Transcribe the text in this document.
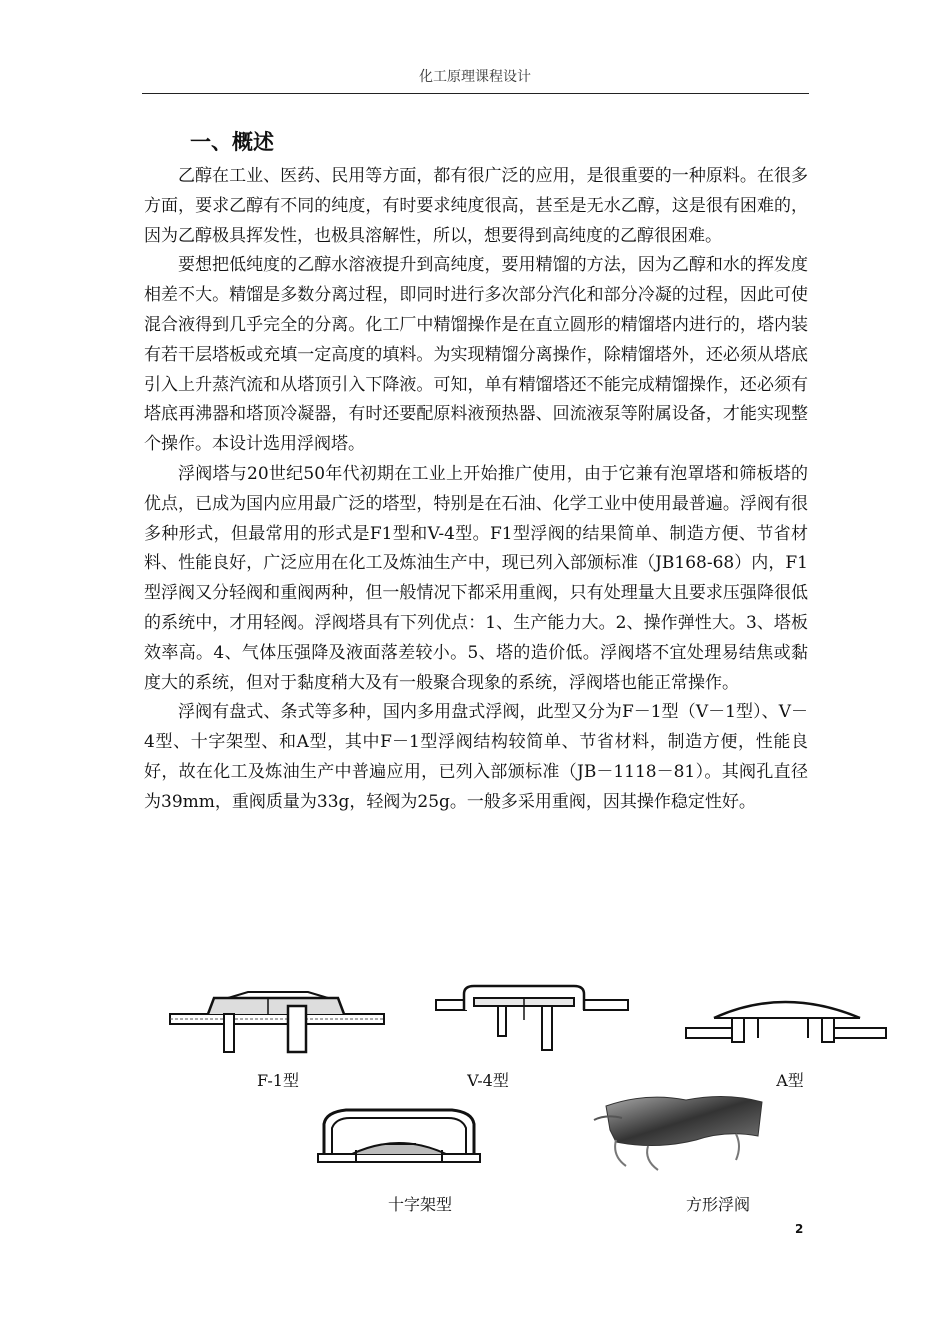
化工原理课程设计
一、概述

乙醇在工业、医药、民用等方面，都有很广泛的应用，是很重要的一种原料。在很多方面，要求乙醇有不同的纯度，有时要求纯度很高，甚至是无水乙醇，这是很有困难的，因为乙醇极具挥发性，也极具溶解性，所以，想要得到高纯度的乙醇很困难。

要想把低纯度的乙醇水溶液提升到高纯度，要用精馏的方法，因为乙醇和水的挥发度相差不大。精馏是多数分离过程，即同时进行多次部分汽化和部分冷凝的过程，因此可使混合液得到几乎完全的分离。化工厂中精馏操作是在直立圆形的精馏塔内进行的，塔内装有若干层塔板或充填一定高度的填料。为实现精馏分离操作，除精馏塔外，还必须从塔底引入上升蒸汽流和从塔顶引入下降液。可知，单有精馏塔还不能完成精馏操作，还必须有塔底再沸器和塔顶冷凝器，有时还要配原料液预热器、回流液泵等附属设备，才能实现整个操作。本设计选用浮阀塔。

浮阀塔与20世纪50年代初期在工业上开始推广使用，由于它兼有泡罩塔和筛板塔的优点，已成为国内应用最广泛的塔型，特别是在石油、化学工业中使用最普遍。浮阀有很多种形式，但最常用的形式是F1型和V-4型。F1型浮阀的结果简单、制造方便、节省材料、性能良好，广泛应用在化工及炼油生产中，现已列入部颁标准（JB168-68）内，F1 型浮阀又分轻阀和重阀两种，但一般情况下都采用重阀，只有处理量大且要求压强降很低的系统中，才用轻阀。浮阀塔具有下列优点：1、生产能力大。2、操作弹性大。3、塔板效率高。4、气体压强降及液面落差较小。5、塔的造价低。浮阀塔不宜处理易结焦或黏度大的系统，但对于黏度稍大及有一般聚合现象的系统，浮阀塔也能正常操作。

浮阀有盘式、条式等多种，国内多用盘式浮阀，此型又分为F－1型（V－1型）、V－4型、十字架型、和A型，其中F－1型浮阀结构较简单、节省材料，制造方便，性能良好，故在化工及炼油生产中普遍应用，已列入部颁标准（JB－1118－81）。其阀孔直径为39mm，重阀质量为33g，轻阀为25g。一般多采用重阀，因其操作稳定性好。

F-1型	V-4型	A型
十字架型	方形浮阀
2
